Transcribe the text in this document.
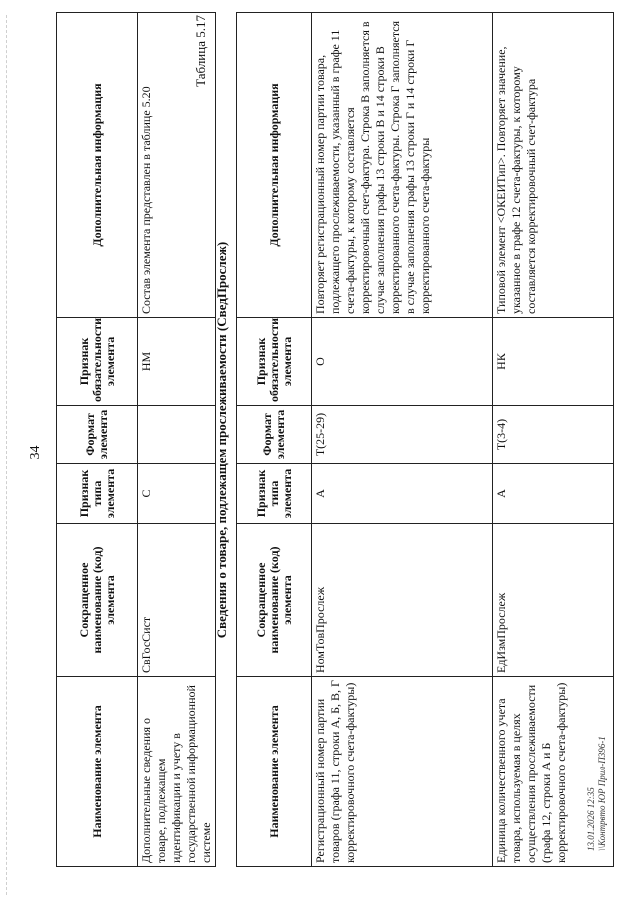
34
Наименование элемента	Сокращенное наименование (код) элемента	Признак типа элемента	Формат элемента	Признак обязательности элемента	Дополнительная информация
Дополнительные сведения о товаре, подлежащем идентификации и учету в государственной информационной системе	СвГосСист	С		НМ	Состав элемента представлен в таблице 5.20
Таблица 5.17
Сведения о товаре, подлежащем прослеживаемости (СведПрослеж)
Наименование элемента	Сокращенное наименование (код) элемента	Признак типа элемента	Формат элемента	Признак обязательности элемента	Дополнительная информация
Регистрационный номер партии товаров (графа 11, строки А, Б, В, Г корректировочного счета-фактуры)	НомТовПрослеж	А	T(25-29)	О	Повторяет регистрационный номер партии товара, подлежащего прослеживаемости, указанный в графе 11 счета-фактуры, к которому составляется корректировочный счет-фактура. Строка В заполняется в случае заполнения графы 13 строки В и 14 строки В корректированного счета-фактуры. Строка Г заполняется в случае заполнения графы 13 строки Г и 14 строки Г корректированного счета-фактуры
Единица количественного учета товара, используемая в целях осуществления прослеживаемости (графа 12, строки А и Б корректировочного счета-фактуры)	ЕдИзмПрослеж	А	T(3-4)	НК	Типовой элемент <ОКЕИТип>. Повторяет значение, указанное в графе 12 счета-фактуры, к которому составляется корректировочный счет-фактура
13.01.2026 12:35 \\Контрвто ЮР Прил-П396-1
